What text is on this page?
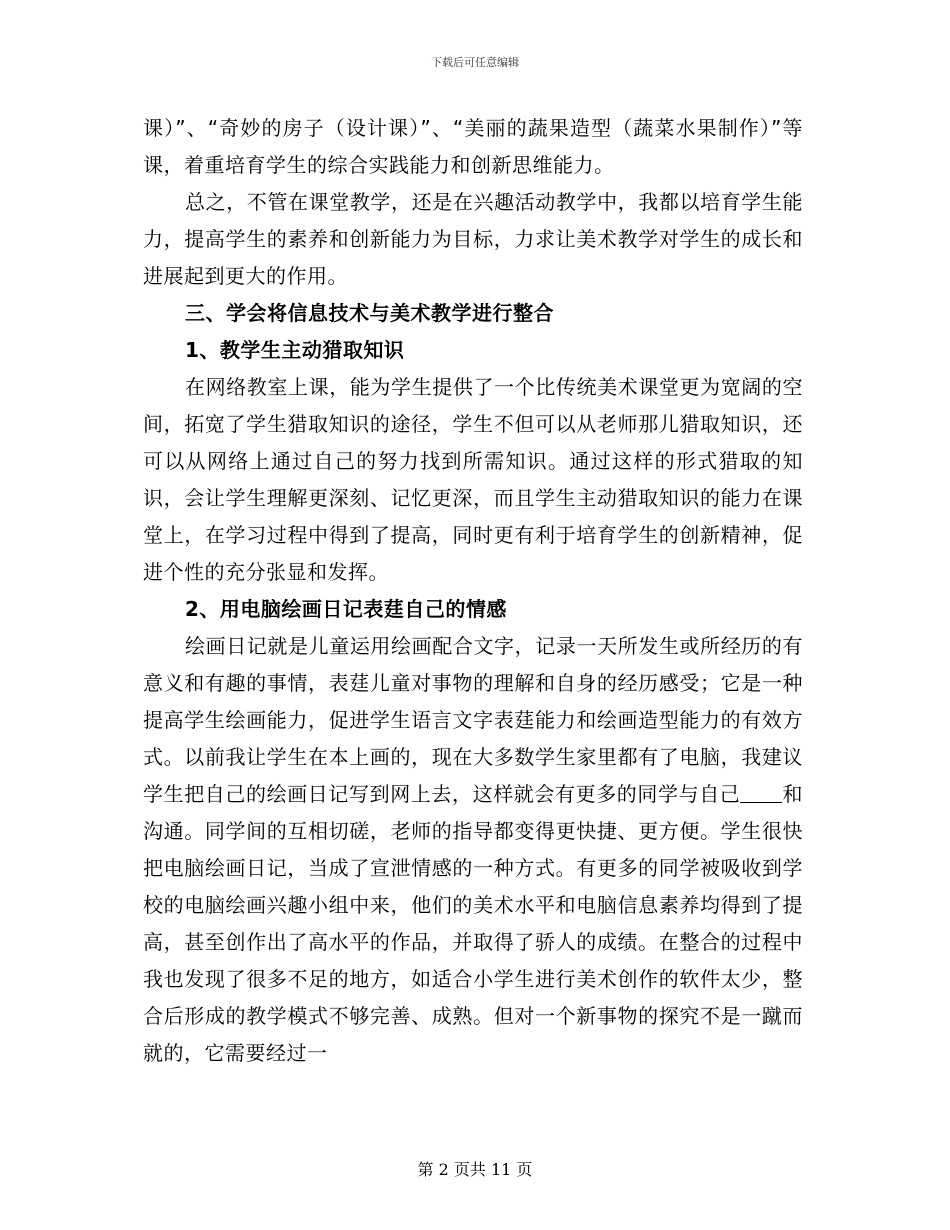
下载后可任意编辑

课）”、“奇妙的房子（设计课）”、“美丽的蔬果造型（蔬菜水果制作）”等课，着重培育学生的综合实践能力和创新思维能力。

总之，不管在课堂教学，还是在兴趣活动教学中，我都以培育学生能力，提高学生的素养和创新能力为目标，力求让美术教学对学生的成长和进展起到更大的作用。

三、学会将信息技术与美术教学进行整合

1、教学生主动猎取知识

在网络教室上课，能为学生提供了一个比传统美术课堂更为宽阔的空间，拓宽了学生猎取知识的途径，学生不但可以从老师那儿猎取知识，还可以从网络上通过自己的努力找到所需知识。通过这样的形式猎取的知识，会让学生理解更深刻、记忆更深，而且学生主动猎取知识的能力在课堂上，在学习过程中得到了提高，同时更有利于培育学生的创新精神，促进个性的充分张显和发挥。

2、用电脑绘画日记表莛自己的情感

绘画日记就是儿童运用绘画配合文字，记录一天所发生或所经历的有意义和有趣的事情，表莛儿童对事物的理解和自身的经历感受；它是一种提高学生绘画能力，促进学生语言文字表莛能力和绘画造型能力的有效方式。以前我让学生在本上画的，现在大多数学生家里都有了电脑，我建议学生把自己的绘画日记写到网上去，这样就会有更多的同学与自己 和沟通。同学间的互相切磋，老师的指导都变得更快捷、更方便。学生很快把电脑绘画日记，当成了宣泄情感的一种方式。有更多的同学被吸收到学校的电脑绘画兴趣小组中来，他们的美术水平和电脑信息素养均得到了提高，甚至创作出了高水平的作品，并取得了骄人的成绩。在整合的过程中我也发现了很多不足的地方，如适合小学生进行美术创作的软件太少，整合后形成的教学模式不够完善、成熟。但对一个新事物的探究不是一蹴而就的，它需要经过一

第 2 页共 11 页
